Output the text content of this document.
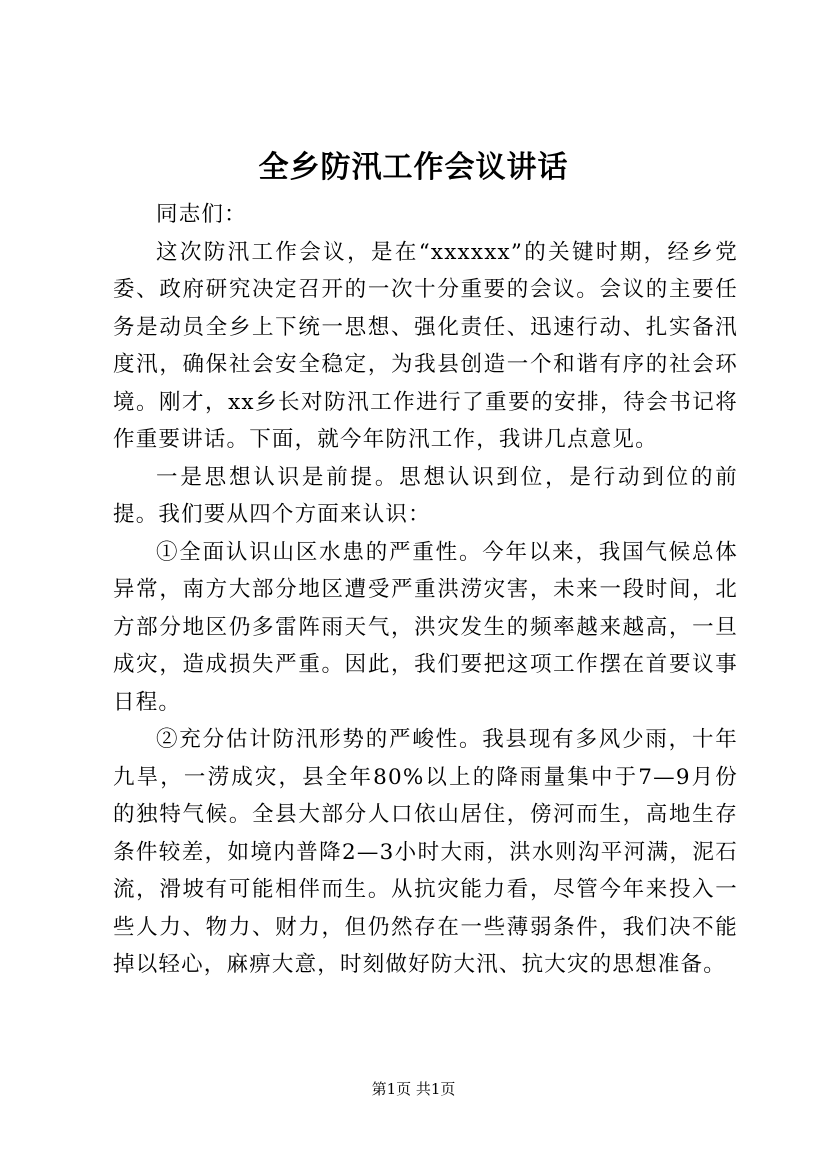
全乡防汛工作会议讲话

同志们：

这次防汛工作会议，是在“xxxxxx”的关键时期，经乡党委、政府研究决定召开的一次十分重要的会议。会议的主要任务是动员全乡上下统一思想、强化责任、迅速行动、扎实备汛度汛，确保社会安全稳定，为我县创造一个和谐有序的社会环境。刚才，xx乡长对防汛工作进行了重要的安排，待会书记将作重要讲话。下面，就今年防汛工作，我讲几点意见。

一是思想认识是前提。思想认识到位，是行动到位的前提。我们要从四个方面来认识：

①全面认识山区水患的严重性。今年以来，我国气候总体异常，南方大部分地区遭受严重洪涝灾害，未来一段时间，北方部分地区仍多雷阵雨天气，洪灾发生的频率越来越高，一旦成灾，造成损失严重。因此，我们要把这项工作摆在首要议事日程。

②充分估计防汛形势的严峻性。我县现有多风少雨，十年九旱，一涝成灾，县全年80%以上的降雨量集中于7—9月份的独特气候。全县大部分人口依山居住，傍河而生，高地生存条件较差，如境内普降2—3小时大雨，洪水则沟平河满，泥石流，滑坡有可能相伴而生。从抗灾能力看，尽管今年来投入一些人力、物力、财力，但仍然存在一些薄弱条件，我们决不能掉以轻心，麻痹大意，时刻做好防大汛、抗大灾的思想准备。

第1页 共1页
